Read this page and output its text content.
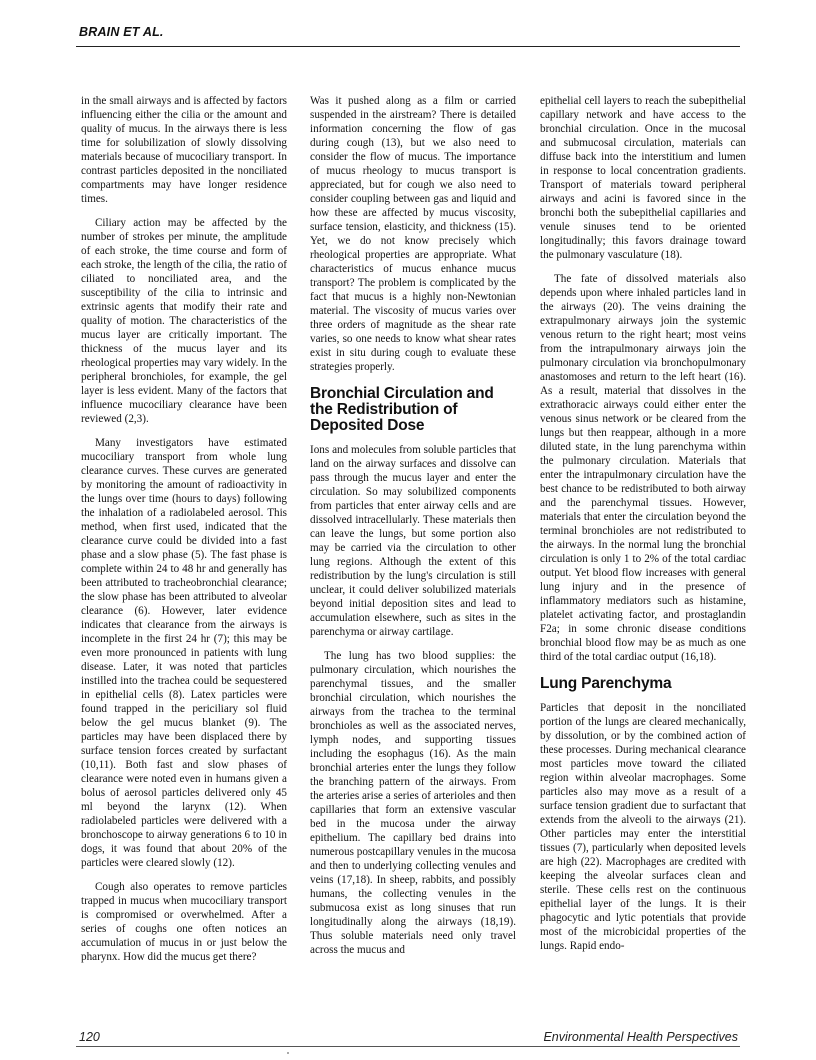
BRAIN ET AL.

in the small airways and is affected by factors influencing either the cilia or the amount and quality of mucus. In the airways there is less time for solubilization of slowly dissolving materials because of mucociliary transport. In contrast particles deposited in the nonciliated compartments may have longer residence times.

Ciliary action may be affected by the number of strokes per minute, the amplitude of each stroke, the time course and form of each stroke, the length of the cilia, the ratio of ciliated to nonciliated area, and the susceptibility of the cilia to intrinsic and extrinsic agents that modify their rate and quality of motion. The characteristics of the mucus layer are critically important. The thickness of the mucus layer and its rheological properties may vary widely. In the peripheral bronchioles, for example, the gel layer is less evident. Many of the factors that influence mucociliary clearance have been reviewed (2,3).

Many investigators have estimated mucociliary transport from whole lung clearance curves. These curves are generated by monitoring the amount of radioactivity in the lungs over time (hours to days) following the inhalation of a radiolabeled aerosol. This method, when first used, indicated that the clearance curve could be divided into a fast phase and a slow phase (5). The fast phase is complete within 24 to 48 hr and generally has been attributed to tracheobronchial clearance; the slow phase has been attributed to alveolar clearance (6). However, later evidence indicates that clearance from the airways is incomplete in the first 24 hr (7); this may be even more pronounced in patients with lung disease. Later, it was noted that particles instilled into the trachea could be sequestered in epithelial cells (8). Latex particles were found trapped in the periciliary sol fluid below the gel mucus blanket (9). The particles may have been displaced there by surface tension forces created by surfactant (10,11). Both fast and slow phases of clearance were noted even in humans given a bolus of aerosol particles delivered only 45 ml beyond the larynx (12). When radiolabeled particles were delivered with a bronchoscope to airway generations 6 to 10 in dogs, it was found that about 20% of the particles were cleared slowly (12).

Cough also operates to remove particles trapped in mucus when mucociliary transport is compromised or overwhelmed. After a series of coughs one often notices an accumulation of mucus in or just below the pharynx. How did the mucus get there?

Was it pushed along as a film or carried suspended in the airstream? There is detailed information concerning the flow of gas during cough (13), but we also need to consider the flow of mucus. The importance of mucus rheology to mucus transport is appreciated, but for cough we also need to consider coupling between gas and liquid and how these are affected by mucus viscosity, surface tension, elasticity, and thickness (15). Yet, we do not know precisely which rheological properties are appropriate. What characteristics of mucus enhance mucus transport? The problem is complicated by the fact that mucus is a highly non-Newtonian material. The viscosity of mucus varies over three orders of magnitude as the shear rate varies, so one needs to know what shear rates exist in situ during cough to evaluate these strategies properly.

Bronchial Circulation and the Redistribution of Deposited Dose

Ions and molecules from soluble particles that land on the airway surfaces and dissolve can pass through the mucus layer and enter the circulation. So may solubilized components from particles that enter airway cells and are dissolved intracellularly. These materials then can leave the lungs, but some portion also may be carried via the circulation to other lung regions. Although the extent of this redistribution by the lung's circulation is still unclear, it could deliver solubilized materials beyond initial deposition sites and lead to accumulation elsewhere, such as sites in the parenchyma or airway cartilage.

The lung has two blood supplies: the pulmonary circulation, which nourishes the parenchymal tissues, and the smaller bronchial circulation, which nourishes the airways from the trachea to the terminal bronchioles as well as the associated nerves, lymph nodes, and supporting tissues including the esophagus (16). As the main bronchial arteries enter the lungs they follow the branching pattern of the airways. From the arteries arise a series of arterioles and then capillaries that form an extensive vascular bed in the mucosa under the airway epithelium. The capillary bed drains into numerous postcapillary venules in the mucosa and then to underlying collecting venules and veins (17,18). In sheep, rabbits, and possibly humans, the collecting venules in the submucosa exist as long sinuses that run longitudinally along the airways (18,19). Thus soluble materials need only travel across the mucus and

epithelial cell layers to reach the subepithelial capillary network and have access to the bronchial circulation. Once in the mucosal and submucosal circulation, materials can diffuse back into the interstitium and lumen in response to local concentration gradients. Transport of materials toward peripheral airways and acini is favored since in the bronchi both the subepithelial capillaries and venule sinuses tend to be oriented longitudinally; this favors drainage toward the pulmonary vasculature (18).

The fate of dissolved materials also depends upon where inhaled particles land in the airways (20). The veins draining the extrapulmonary airways join the systemic venous return to the right heart; most veins from the intrapulmonary airways join the pulmonary circulation via bronchopulmonary anastomoses and return to the left heart (16). As a result, material that dissolves in the extrathoracic airways could either enter the venous sinus network or be cleared from the lungs but then reappear, although in a more diluted state, in the lung parenchyma within the pulmonary circulation. Materials that enter the intrapulmonary circulation have the best chance to be redistributed to both airway and the parenchymal tissues. However, materials that enter the circulation beyond the terminal bronchioles are not redistributed to the airways. In the normal lung the bronchial circulation is only 1 to 2% of the total cardiac output. Yet blood flow increases with general lung injury and in the presence of inflammatory mediators such as histamine, platelet activating factor, and prostaglandin F2a; in some chronic disease conditions bronchial blood flow may be as much as one third of the total cardiac output (16,18).

Lung Parenchyma

Particles that deposit in the nonciliated portion of the lungs are cleared mechanically, by dissolution, or by the combined action of these processes. During mechanical clearance most particles move toward the ciliated region within alveolar macrophages. Some particles also may move as a result of a surface tension gradient due to surfactant that extends from the alveoli to the airways (21). Other particles may enter the interstitial tissues (7), particularly when deposited levels are high (22). Macrophages are credited with keeping the alveolar surfaces clean and sterile. These cells rest on the continuous epithelial layer of the lungs. It is their phagocytic and lytic potentials that provide most of the microbicidal properties of the lungs. Rapid endo-

120	Environmental Health Perspectives
